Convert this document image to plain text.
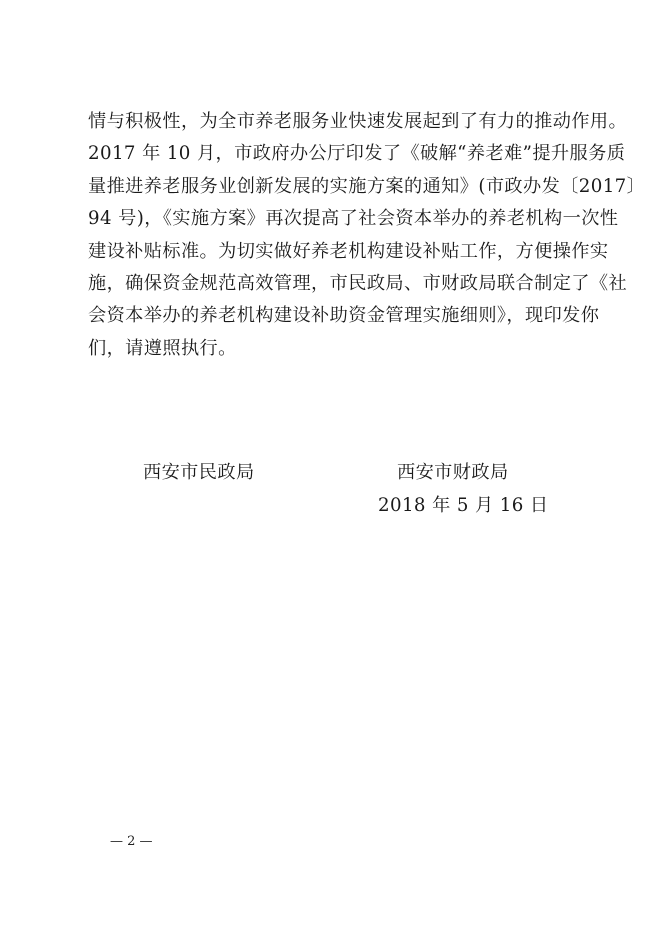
情与积极性，为全市养老服务业快速发展起到了有力的推动作用。
2017 年 10 月，市政府办公厅印发了《破解“养老难”提升服务质
量推进养老服务业创新发展的实施方案的通知》(市政办发〔2017〕
94 号)，《实施方案》再次提高了社会资本举办的养老机构一次性
建设补贴标准。为切实做好养老机构建设补贴工作，方便操作实
施，确保资金规范高效管理，市民政局、市财政局联合制定了《社
会资本举办的养老机构建设补助资金管理实施细则》，现印发你
们，请遵照执行。
西安市民政局	西安市财政局
2018 年 5 月 16 日
— 2 —
